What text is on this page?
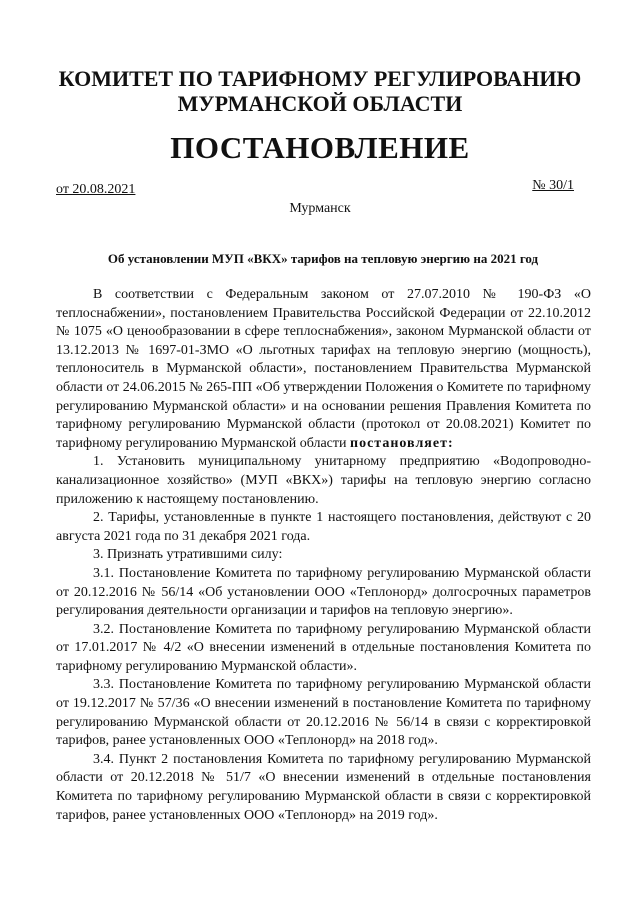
КОМИТЕТ ПО ТАРИФНОМУ РЕГУЛИРОВАНИЮ
МУРМАНСКОЙ ОБЛАСТИ
ПОСТАНОВЛЕНИЕ
от 20.08.2021	№ 30/1
Мурманск
Об установлении МУП «ВКХ» тарифов на тепловую энергию на 2021 год

В соответствии с Федеральным законом от 27.07.2010 № 190-ФЗ «О теплоснабжении», постановлением Правительства Российской Федерации от 22.10.2012 № 1075 «О ценообразовании в сфере теплоснабжения», законом Мурманской области от 13.12.2013 № 1697-01-ЗМО «О льготных тарифах на тепловую энергию (мощность), теплоноситель в Мурманской области», постановлением Правительства Мурманской области от 24.06.2015 № 265-ПП «Об утверждении Положения о Комитете по тарифному регулированию Мурманской области» и на основании решения Правления Комитета по тарифному регулированию Мурманской области (протокол от 20.08.2021) Комитет по тарифному регулированию Мурманской области постановляет:

1. Установить муниципальному унитарному предприятию «Водопроводно-канализационное хозяйство» (МУП «ВКХ») тарифы на тепловую энергию согласно приложению к настоящему постановлению.

2. Тарифы, установленные в пункте 1 настоящего постановления, действуют с 20 августа 2021 года по 31 декабря 2021 года.

3. Признать утратившими силу:

3.1. Постановление Комитета по тарифному регулированию Мурманской области от 20.12.2016 № 56/14 «Об установлении ООО «Теплонорд» долгосрочных параметров регулирования деятельности организации и тарифов на тепловую энергию».

3.2. Постановление Комитета по тарифному регулированию Мурманской области от 17.01.2017 № 4/2 «О внесении изменений в отдельные постановления Комитета по тарифному регулированию Мурманской области».

3.3. Постановление Комитета по тарифному регулированию Мурманской области от 19.12.2017 № 57/36 «О внесении изменений в постановление Комитета по тарифному регулированию Мурманской области от 20.12.2016 № 56/14 в связи с корректировкой тарифов, ранее установленных ООО «Теплонорд» на 2018 год».

3.4. Пункт 2 постановления Комитета по тарифному регулированию Мурманской области от 20.12.2018 № 51/7 «О внесении изменений в отдельные постановления Комитета по тарифному регулированию Мурманской области в связи с корректировкой тарифов, ранее установленных ООО «Теплонорд» на 2019 год».
